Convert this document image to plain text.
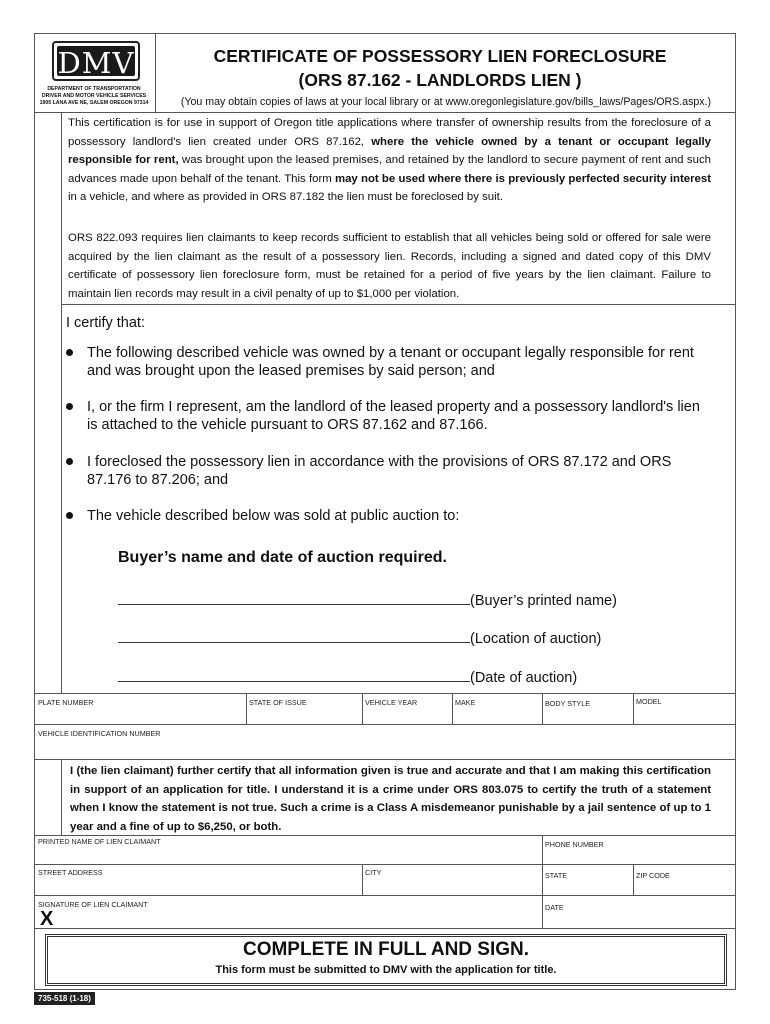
DMV
DEPARTMENT OF TRANSPORTATION
DRIVER AND MOTOR VEHICLE SERVICES
1905 LANA AVE NE, SALEM OREGON 97314
CERTIFICATE OF POSSESSORY LIEN FORECLOSURE
(ORS 87.162 - LANDLORDS LIEN )
(You may obtain copies of laws at your local library or at www.oregonlegislature.gov/bills_laws/Pages/ORS.aspx.)
This certification is for use in support of Oregon title applications where transfer of ownership results from the foreclosure of a possessory landlord's lien created under ORS 87.162, where the vehicle owned by a tenant or occupant legally responsible for rent, was brought upon the leased premises, and retained by the landlord to secure payment of rent and such advances made upon behalf of the tenant. This form may not be used where there is previously perfected security interest in a vehicle, and where as provided in ORS 87.182 the lien must be foreclosed by suit.
ORS 822.093 requires lien claimants to keep records sufficient to establish that all vehicles being sold or offered for sale were acquired by the lien claimant as the result of a possessory lien. Records, including a signed and dated copy of this DMV certificate of possessory lien foreclosure form, must be retained for a period of five years by the lien claimant. Failure to maintain lien records may result in a civil penalty of up to $1,000 per violation.
I certify that:
The following described vehicle was owned by a tenant or occupant legally responsible for rent and was brought upon the leased premises by said person; and
I, or the firm I represent, am the landlord of the leased property and a possessory landlord's lien is attached to the vehicle pursuant to ORS 87.162 and 87.166.
I foreclosed the possessory lien in accordance with the provisions of ORS 87.172 and ORS 87.176 to 87.206; and
The vehicle described below was sold at public auction to:
Buyer’s name and date of auction required.
(Buyer’s printed name)
(Location of auction)
(Date of auction)
PLATE NUMBER	STATE OF ISSUE	VEHICLE YEAR	MAKE	BODY STYLE	MODEL
VEHICLE IDENTIFICATION NUMBER
I (the lien claimant) further certify that all information given is true and accurate and that I am making this certification in support of an application for title. I understand it is a crime under ORS 803.075 to certify the truth of a statement when I know the statement is not true. Such a crime is a Class A misdemeanor punishable by a jail sentence of up to 1 year and a fine of up to $6,250, or both.
PRINTED NAME OF LIEN CLAIMANT	PHONE NUMBER
STREET ADDRESS	CITY	STATE	ZIP CODE
SIGNATURE OF LIEN CLAIMANT	DATE
X
COMPLETE IN FULL AND SIGN.
This form must be submitted to DMV with the application for title.
735-518 (1-18)
